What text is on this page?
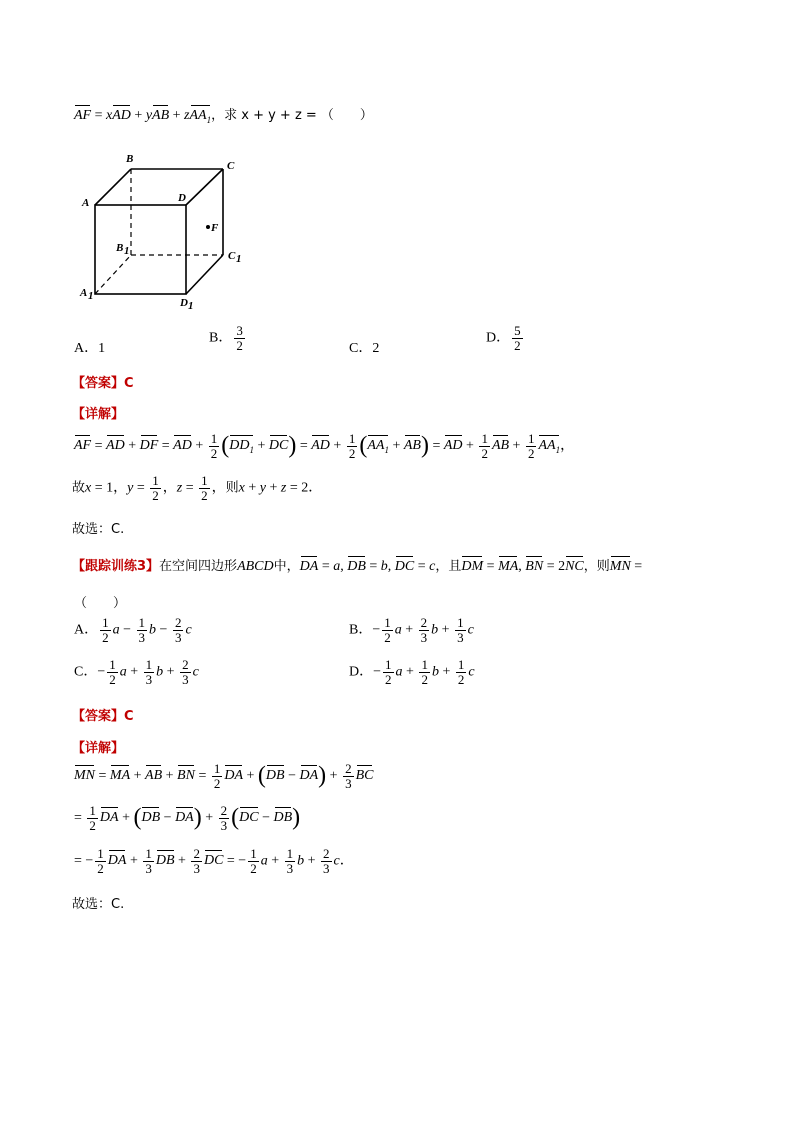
AF = xAD + yAB + zAA$_1$，求 x + y + z = （　　）
B
C
A	D
F
B 1	C 1
A 1
D 1
A．1
B． $\frac{3}{2}$	C．2
D． $\frac{5}{2}$
【答案】C
【详解】
AF = AD + DF = AD + $\frac{1}{2} (DD_1 + DC)$ = AD + $\frac{1}{2} (AA_1 + AB)$ = AD + $\frac{1}{2}$ AB + $\frac{1}{2} AA_1$，
故x = 1，$y = \frac{1}{2}$ ，$z = \frac{1}{2}$ ，则x + y + z = 2．
故选：C.
【跟踪训练3】在空间四边形ABCD中，DA = a, DB = b, DC = c，且DM = MA, BN = 2NC，则MN =
（　　）
A． $\frac{1}{2}$ $a - \frac{1}{3}$ $b - \frac{2}{3}$ c	B．− $\frac{1}{2}$ $a + \frac{2}{3}$ $b + \frac{1}{3}$ c
C．− $\frac{1}{2}$ $a + \frac{1}{3}$ $b + \frac{2}{3}$ c	D．− $\frac{1}{2}$ $a + \frac{1}{2}$ $b + \frac{1}{2}$ c
【答案】C
【详解】
MN = MA + AB + BN = $\frac{1}{2}$ DA + $(DB - DA) + \frac{2}{3}$ BC
= $\frac{1}{2}$ DA + $(DB - DA) + \frac{2}{3} (DC - DB)$
= − $\frac{1}{2}$ DA + $\frac{1}{3}$ DB + $\frac{2}{3}$ DC = − $\frac{1}{2}$ $a + \frac{1}{3}$ $b + \frac{2}{3}$ c．
故选：C.
